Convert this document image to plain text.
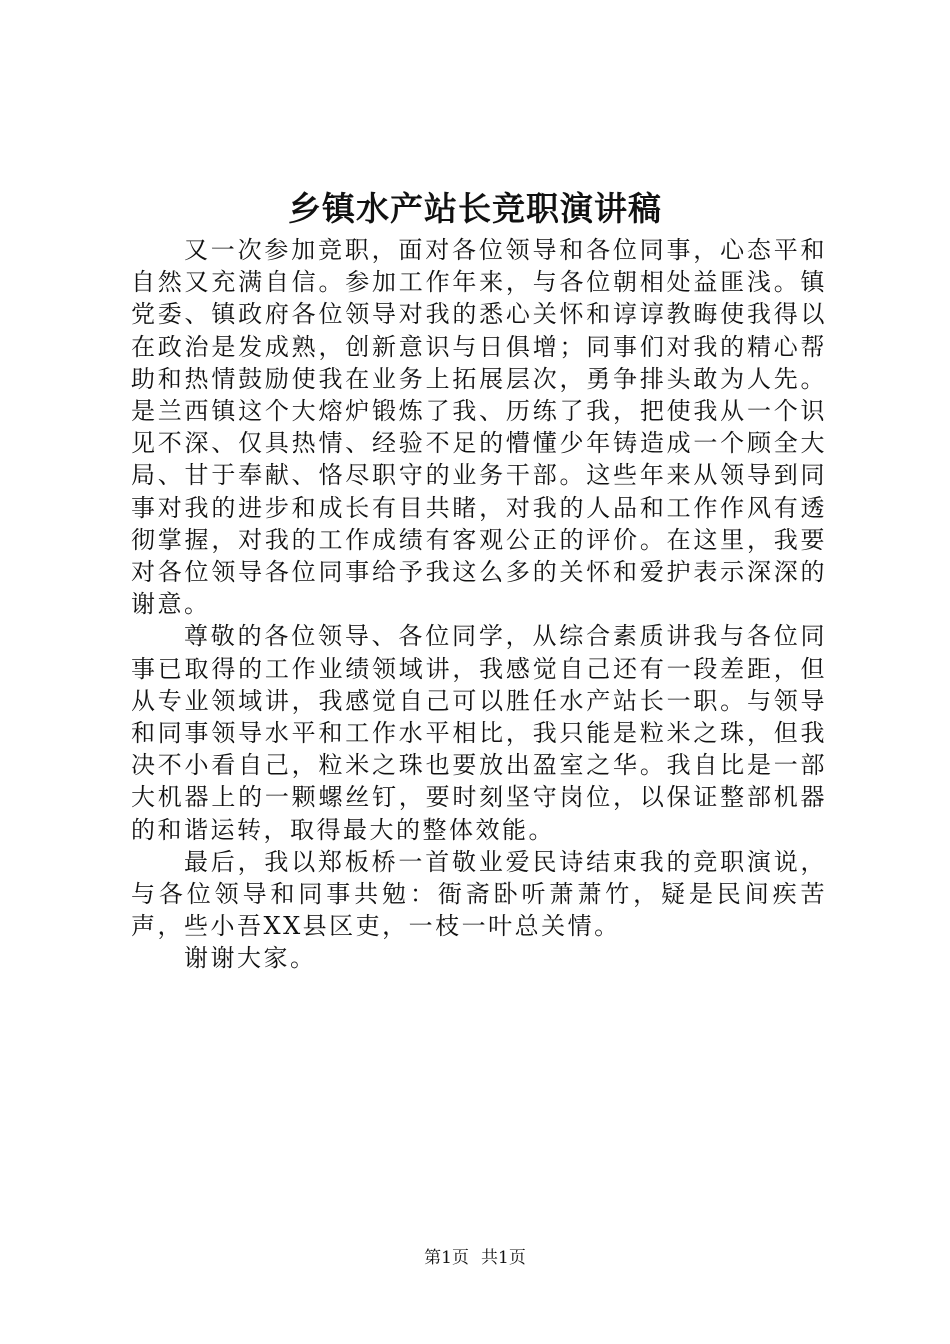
乡镇水产站长竞职演讲稿

又一次参加竞职，面对各位领导和各位同事，心态平和自然又充满自信。参加工作年来，与各位朝相处益匪浅。镇党委、镇政府各位领导对我的悉心关怀和谆谆教晦使我得以在政治是发成熟，创新意识与日俱增；同事们对我的精心帮助和热情鼓励使我在业务上拓展层次，勇争排头敢为人先。是兰西镇这个大熔炉锻炼了我、历练了我，把使我从一个识见不深、仅具热情、经验不足的懵懂少年铸造成一个顾全大局、甘于奉献、恪尽职守的业务干部。这些年来从领导到同事对我的进步和成长有目共睹，对我的人品和工作作风有透彻掌握，对我的工作成绩有客观公正的评价。在这里，我要对各位领导各位同事给予我这么多的关怀和爱护表示深深的谢意。

尊敬的各位领导、各位同学，从综合素质讲我与各位同事已取得的工作业绩领域讲，我感觉自己还有一段差距，但从专业领域讲，我感觉自己可以胜任水产站长一职。与领导和同事领导水平和工作水平相比，我只能是粒米之珠，但我决不小看自己，粒米之珠也要放出盈室之华。我自比是一部大机器上的一颗螺丝钉，要时刻坚守岗位，以保证整部机器的和谐运转，取得最大的整体效能。

最后，我以郑板桥一首敬业爱民诗结束我的竞职演说，与各位领导和同事共勉：衙斋卧听萧萧竹，疑是民间疾苦声，些小吾XX县区吏，一枝一叶总关情。

谢谢大家。

第1页 共1页
